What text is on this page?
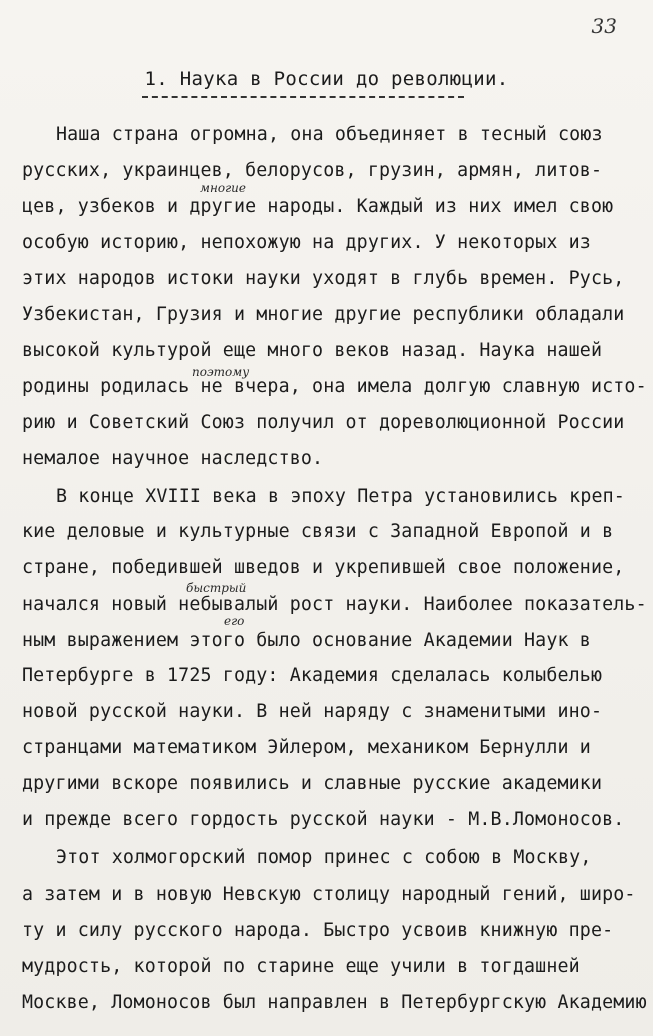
33
1. Наука в России до революции.
многие
быстрый
его
поэтому
Наша страна огромна, она объединяет в тесный союз
русских, украинцев, белорусов, грузин, армян, литов-
цев, узбеков и другие народы. Каждый из них имел свою
особую историю, непохожую на других. У некоторых из
этих народов истоки науки уходят в глубь времен. Русь,
Узбекистан, Грузия и многие другие республики обладали
высокой культурой еще много веков назад. Наука нашей
родины родилась не вчера, она имела долгую славную исто-
рию и Советский Союз получил от дореволюционной России
немалое научное наследство.
В конце XVIII века в эпоху Петра установились креп-
кие деловые и культурные связи с Западной Европой и в
стране, победившей шведов и укрепившей свое положение,
начался новый небывалый рост науки. Наиболее показатель-
ным выражением этого было основание Академии Наук в
Петербурге в 1725 году: Академия сделалась колыбелью
новой русской науки. В ней наряду с знаменитыми ино-
странцами математиком Эйлером, механиком Бернулли и
другими вскоре появились и славные русские академики
и прежде всего гордость русской науки - М.В.Ломоносов.
Этот холмогорский помор принес с собою в Москву,
а затем и в новую Невскую столицу народный гений, широ-
ту и силу русского народа. Быстро усвоив книжную пре-
мудрость, которой по старине еще учили в тогдашней
Москве, Ломоносов был направлен в Петербургскую Академию
